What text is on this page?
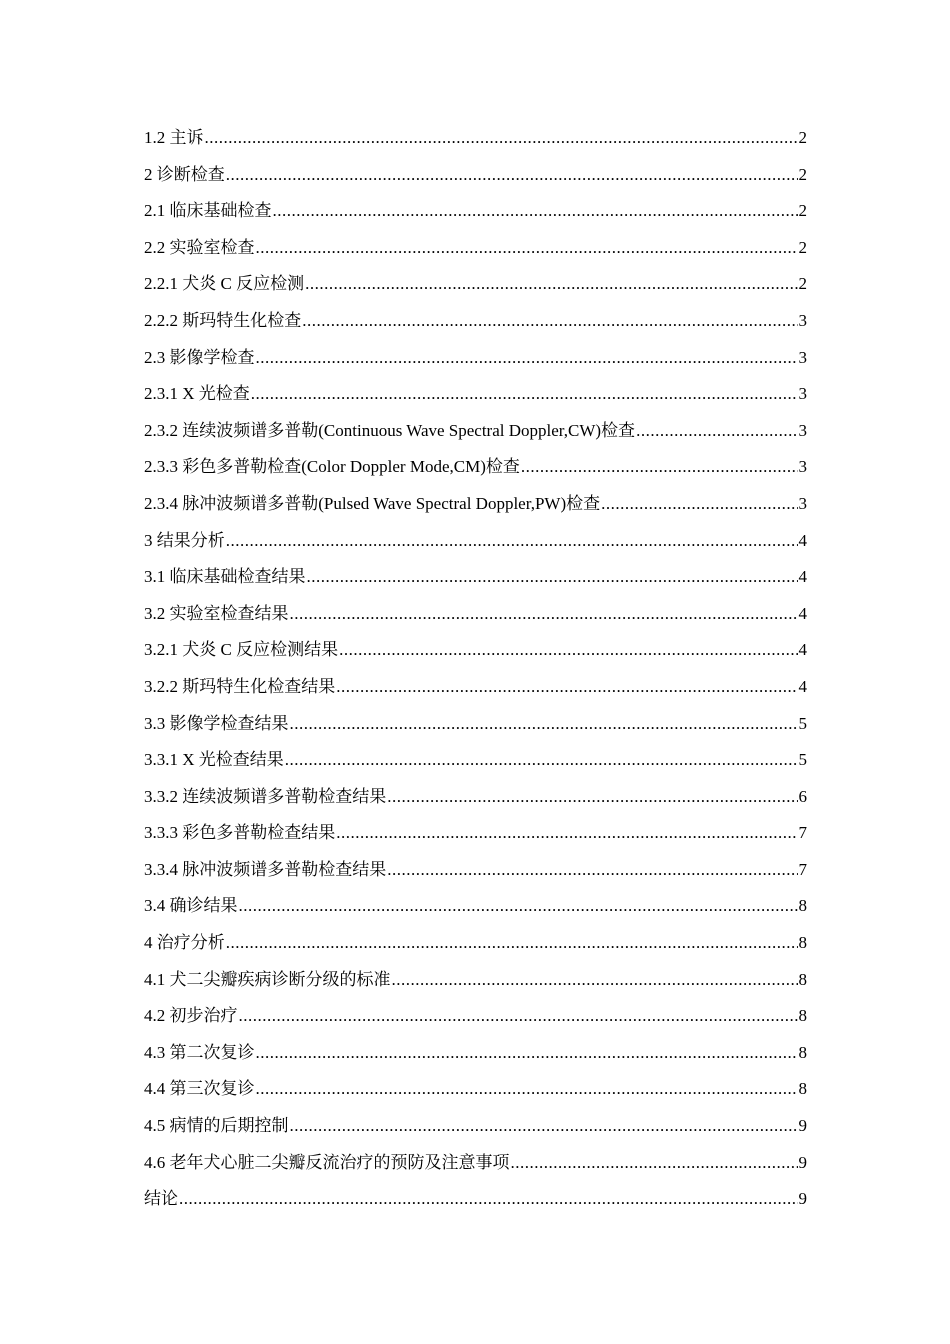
1.2 主诉 .....	2
2 诊断检查 .....	2
2.1 临床基础检查 .....	2
2.2 实验室检查 .....	2
2.2.1 犬炎 C 反应检测 .....	2
2.2.2 斯玛特生化检查 .....	3
2.3 影像学检查 .....	3
2.3.1 X 光检查 .....	3
2.3.2 连续波频谱多普勒(Continuous Wave Spectral Doppler,CW)检查 .....	3
2.3.3 彩色多普勒检查(Color Doppler Mode,CM)检查 .....	3
2.3.4 脉冲波频谱多普勒(Pulsed Wave Spectral Doppler,PW)检查 .....	3
3 结果分析 .....	4
3.1 临床基础检查结果 .....	4
3.2 实验室检查结果 .....	4
3.2.1 犬炎 C 反应检测结果 .....	4
3.2.2 斯玛特生化检查结果 .....	4
3.3 影像学检查结果 .....	5
3.3.1 X 光检查结果 .....	5
3.3.2 连续波频谱多普勒检查结果 .....	6
3.3.3 彩色多普勒检查结果 .....	7
3.3.4 脉冲波频谱多普勒检查结果 .....	7
3.4 确诊结果 .....	8
4 治疗分析 .....	8
4.1 犬二尖瓣疾病诊断分级的标准 .....	8
4.2 初步治疗 .....	8
4.3 第二次复诊 .....	8
4.4 第三次复诊 .....	8
4.5 病情的后期控制 .....	9
4.6 老年犬心脏二尖瓣反流治疗的预防及注意事项 .....	9
结论 .....	9
